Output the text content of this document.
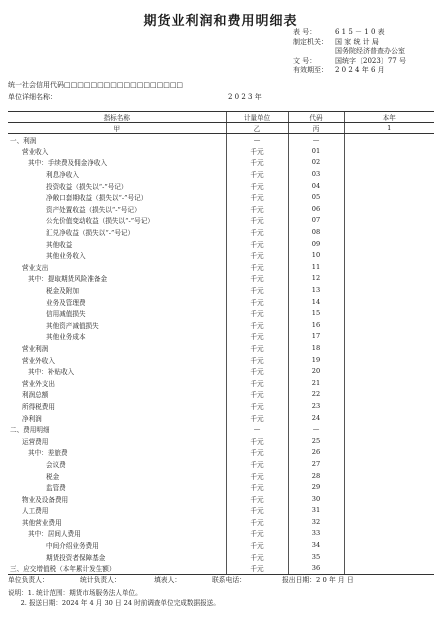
期货业利润和费用明细表
表 号：	6 1 5 － 1 0 表
制定机关：	国 家 统 计 局
国务院经济普查办公室
文 号：	国统字〔2023〕77 号
有效期至：	2 0 2 4 年 6 月
统一社会信用代码□□□□□□□□□□□□□□□□□□
单位详细名称：	2 0 2 3 年
指标名称	计量单位	代码	本年
甲	乙	丙	1
一、利润	—	—	
营业收入	千元	01	
其中：手续费及佣金净收入	千元	02	
利息净收入	千元	03	
投资收益（损失以“-”号记）	千元	04	
净敞口套期收益（损失以“-”号记）	千元	05	
资产处置收益（损失以“-”号记）	千元	06	
公允价值变动收益（损失以“-”号记）	千元	07	
汇兑净收益（损失以“-”号记）	千元	08	
其他收益	千元	09	
其他业务收入	千元	10	
营业支出	千元	11	
其中：提取期货风险准备金	千元	12	
税金及附加	千元	13	
业务及管理费	千元	14	
信用减值损失	千元	15	
其他资产减值损失	千元	16	
其他业务成本	千元	17	
营业利润	千元	18	
营业外收入	千元	19	
其中：补贴收入	千元	20	
营业外支出	千元	21	
利润总额	千元	22	
所得税费用	千元	23	
净利润	千元	24	
二、费用明细	—	—	
运营费用	千元	25	
其中：差旅费	千元	26	
会议费	千元	27	
税金	千元	28	
监管费	千元	29	
物业及设备费用	千元	30	
人工费用	千元	31	
其他营业费用	千元	32	
其中：居间人费用	千元	33	
中间介绍业务费用	千元	34	
期货投资者保障基金	千元	35	
三、应交增值税（本年累计发生额）	千元	36	
单位负责人：	统计负责人：	填表人：	联系电话：	报出日期：2 0 年 月 日
说明：1. 统计范围：期货市场服务法人单位。
2. 报送日期：2024 年 4 月 30 日 24 时前调查单位完成数据报送。
